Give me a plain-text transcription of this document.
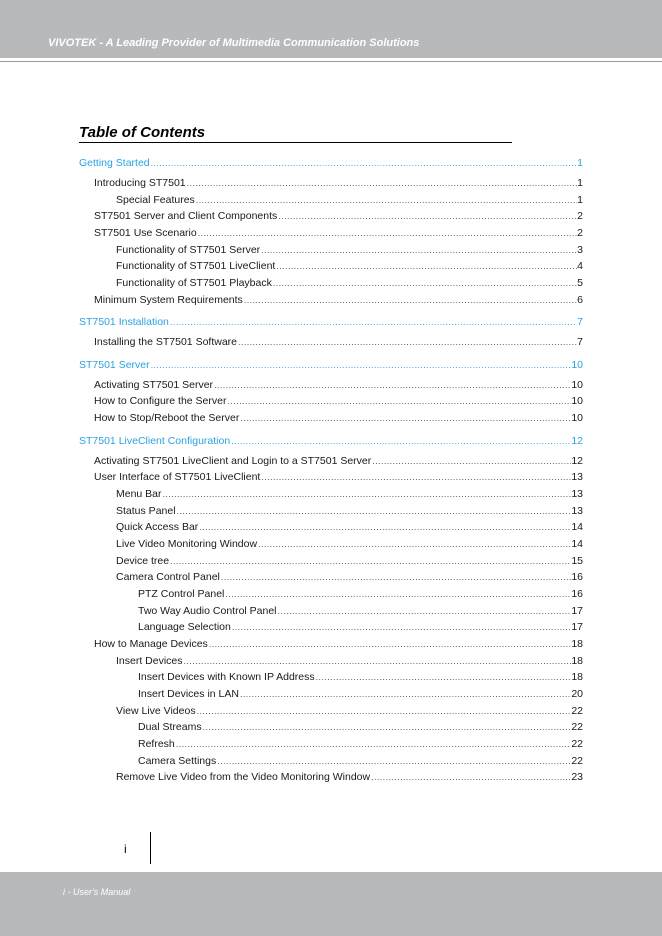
VIVOTEK - A Leading Provider of Multimedia Communication Solutions
Table of Contents
Getting Started .....	1
Introducing ST7501 .....	1
Special Features .....	1
ST7501 Server and Client Components .....	2
ST7501 Use Scenario .....	2
Functionality of ST7501 Server .....	3
Functionality of ST7501 LiveClient .....	4
Functionality of ST7501 Playback .....	5
Minimum System Requirements .....	6
ST7501 Installation .....	7
Installing the ST7501 Software .....	7
ST7501 Server .....	10
Activating ST7501 Server .....	10
How to Configure the Server .....	10
How to Stop/Reboot the Server .....	10
ST7501 LiveClient Configuration .....	12
Activating ST7501 LiveClient and Login to a ST7501 Server .....	12
User Interface of ST7501 LiveClient .....	13
Menu Bar .....	13
Status Panel .....	13
Quick Access Bar .....	14
Live Video Monitoring Window .....	14
Device tree .....	15
Camera Control Panel .....	16
PTZ Control Panel .....	16
Two Way Audio Control Panel .....	17
Language Selection .....	17
How to Manage Devices .....	18
Insert Devices .....	18
Insert Devices with Known IP Address .....	18
Insert Devices in LAN .....	20
View Live Videos .....	22
Dual Streams .....	22
Refresh .....	22
Camera Settings .....	22
Remove Live Video from the Video Monitoring Window .....	23
i
i - User's Manual
